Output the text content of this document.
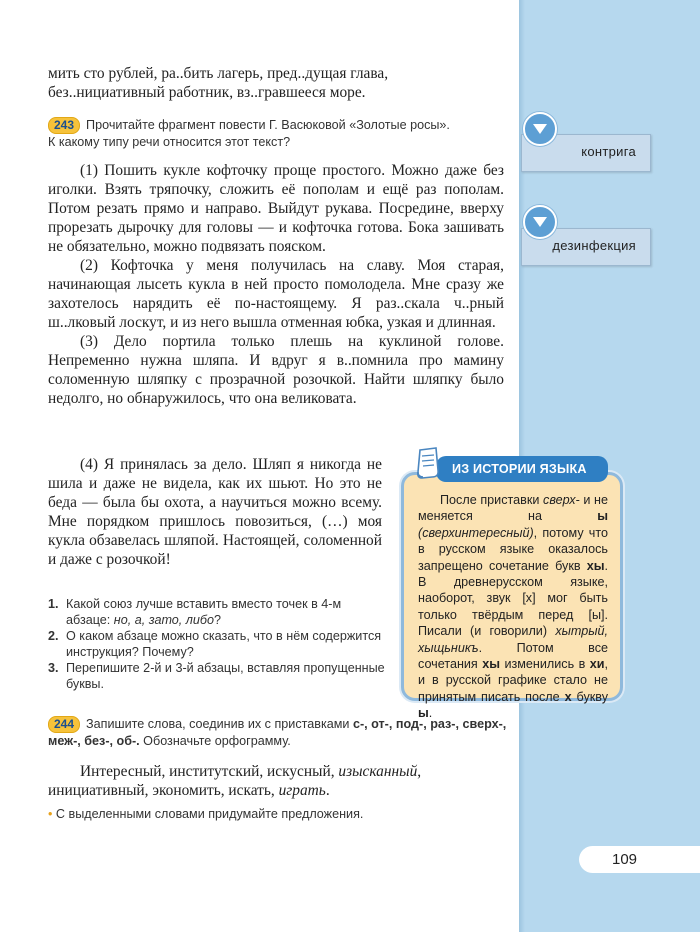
мить сто рублей, ра..бить лагерь, пред..дущая глава,

без..нициативный работник, вз..гравшееся море.

243 Прочитайте фрагмент повести Г. Васюковой «Золотые росы».
К какому типу речи относится этот текст?

(1) Пошить кукле кофточку проще простого. Можно даже без иголки. Взять тряпочку, сложить её пополам и ещё раз пополам. Потом резать прямо и направо. Выйдут рукава. Посредине, вверху прорезать дырочку для головы — и кофточка готова. Бока зашивать не обязательно, можно подвязать пояском.

(2) Кофточка у меня получилась на славу. Моя старая, начинающая лысеть кукла в ней просто помолодела. Мне сразу же захотелось нарядить её по-настоящему. Я раз..скала ч..рный ш..лковый лоскут, и из него вышла отменная юбка, узкая и длинная.

(3) Дело портила только плешь на куклиной голове. Непременно нужна шляпа. И вдруг я в..помнила про мамину соломенную шляпку с прозрачной розочкой. Найти шляпку было недолго, но обнаружилось, что она великовата.

(4) Я принялась за дело. Шляп я никогда не шила и даже не видела, как их шьют. Но это не беда — была бы охота, а научиться можно всему. Мне порядком пришлось повозиться, (…) моя кукла обзавелась шляпой. Настоящей, соломенной и даже с розочкой!

1. Какой союз лучше вставить вместо точек в 4-м абзаце: но, а, зато, либо?
2. О каком абзаце можно сказать, что в нём содержится инструкция? Почему?
3. Перепишите 2-й и 3-й абзацы, вставляя пропущенные буквы.
244 Запишите слова, соединив их с приставками с-, от-, под-, раз-, сверх-, меж-, без-, об-. Обозначьте орфограмму.

Интересный, институтский, искусный, изысканный,

инициативный, экономить, искать, играть.

• С выделенными словами придумайте предложения.
контрига
дезинфекция
ИЗ ИСТОРИИ ЯЗЫКА
После приставки сверх- и не меняется на ы (сверхинтересный), потому что в русском языке оказалось запрещено сочетание букв хы. В древнерусском языке, наоборот, звук [х] мог быть только твёрдым перед [ы]. Писали (и говорили) хытрый, хыщьникъ. Потом все сочетания хы изменились в хи, и в русской графике стало не принятым писать после х букву ы.
109
